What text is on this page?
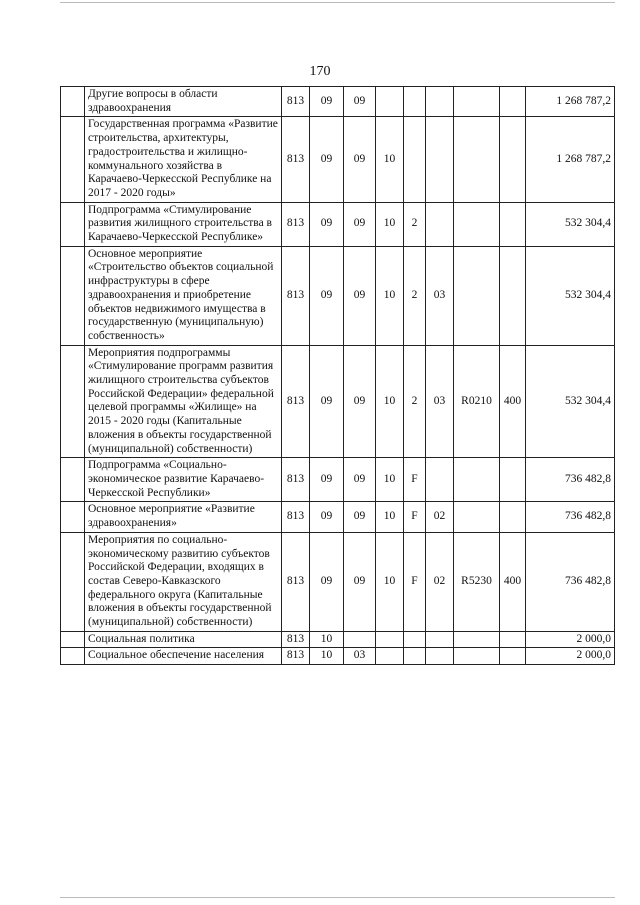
170
	Другие вопросы в области здравоохранения	813	09	09						1 268 787,2
	Государственная программа «Развитие строительства, архитектуры, градостроительства и жилищно-коммунального хозяйства в Карачаево-Черкесской Республике на 2017 - 2020 годы»	813	09	09	10					1 268 787,2
	Подпрограмма «Стимулирование развития жилищного строительства в Карачаево-Черкесской Республике»	813	09	09	10	2				532 304,4
	Основное мероприятие «Строительство объектов социальной инфраструктуры в сфере здравоохранения и приобретение объектов недвижимого имущества в государственную (муниципальную) собственность»	813	09	09	10	2	03			532 304,4
	Мероприятия подпрограммы «Стимулирование программ развития жилищного строительства субъектов Российской Федерации» федеральной целевой программы «Жилище» на 2015 - 2020 годы (Капитальные вложения в объекты государственной (муниципальной) собственности)	813	09	09	10	2	03	R0210	400	532 304,4
	Подпрограмма «Социально-экономическое развитие Карачаево-Черкесской Республики»	813	09	09	10	F				736 482,8
	Основное мероприятие «Развитие здравоохранения»	813	09	09	10	F	02			736 482,8
	Мероприятия по социально-экономическому развитию субъектов Российской Федерации, входящих в состав Северо-Кавказского федерального округа (Капитальные вложения в объекты государственной (муниципальной) собственности)	813	09	09	10	F	02	R5230	400	736 482,8
	Социальная политика	813	10							2 000,0
	Социальное обеспечение населения	813	10	03						2 000,0
